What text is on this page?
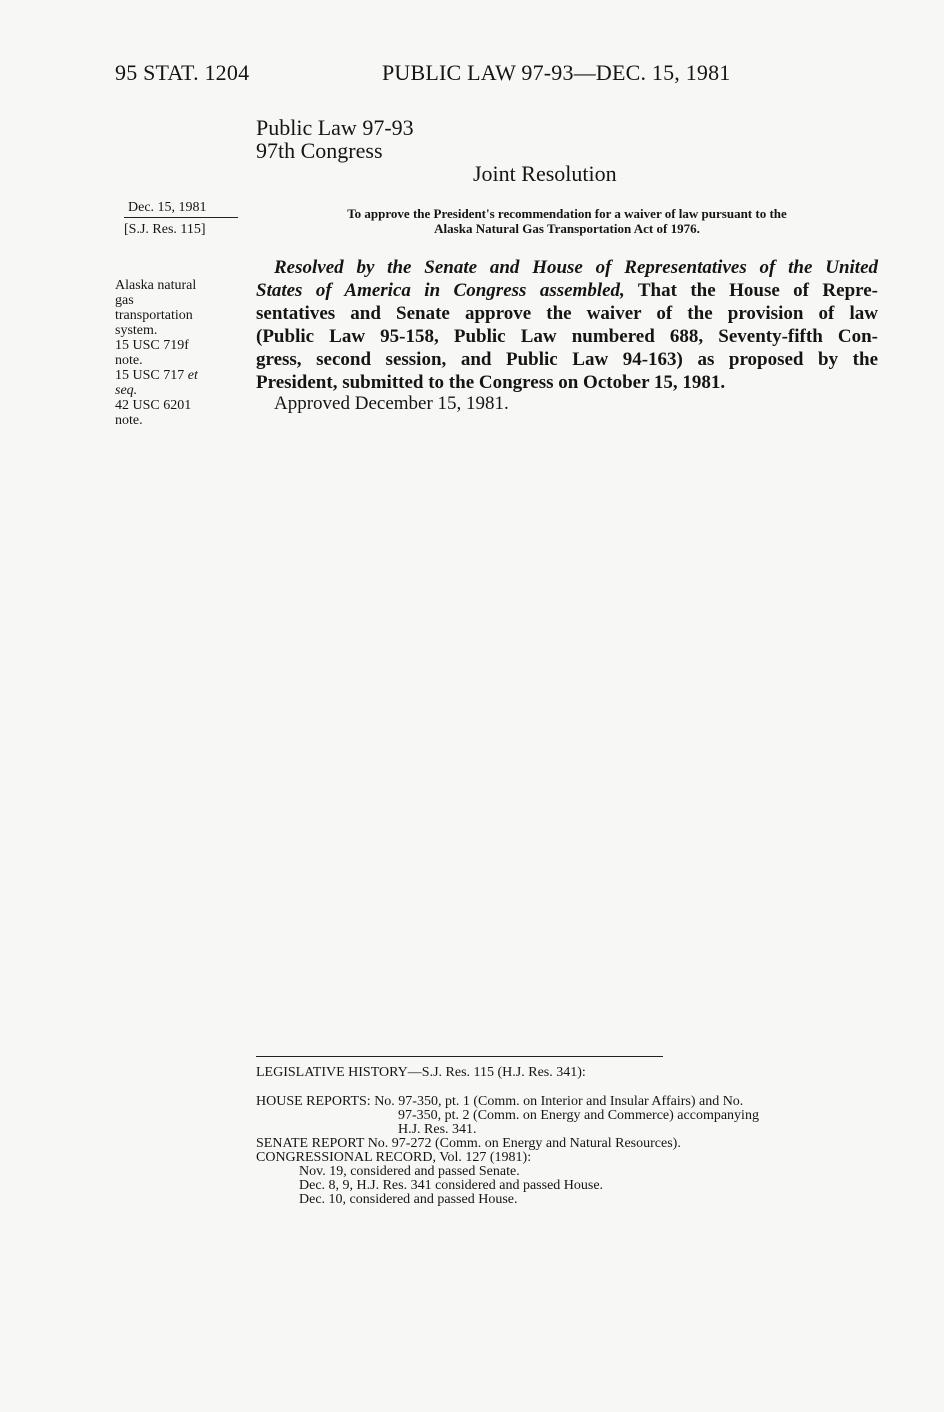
95 STAT. 1204	PUBLIC LAW 97-93—DEC. 15, 1981
Public Law 97-93
97th Congress
Joint Resolution
Dec. 15, 1981
[S.J. Res. 115]
Alaska natural
gas
transportation
system.
15 USC 719f
note.
15 USC 717 et
seq.
42 USC 6201
note.
To approve the President's recommendation for a waiver of law pursuant to the
Alaska Natural Gas Transportation Act of 1976.
Resolved by the Senate and House of Representatives of the United
States of America in Congress assembled, That the House of Repre-
sentatives and Senate approve the waiver of the provision of law
(Public Law 95-158, Public Law numbered 688, Seventy-fifth Con-
gress, second session, and Public Law 94-163) as proposed by the
President, submitted to the Congress on October 15, 1981.
Approved December 15, 1981.
LEGISLATIVE HISTORY—S.J. Res. 115 (H.J. Res. 341):
HOUSE REPORTS: No. 97-350, pt. 1 (Comm. on Interior and Insular Affairs) and No.
97-350, pt. 2 (Comm. on Energy and Commerce) accompanying
H.J. Res. 341.
SENATE REPORT No. 97-272 (Comm. on Energy and Natural Resources).
CONGRESSIONAL RECORD, Vol. 127 (1981):
Nov. 19, considered and passed Senate.
Dec. 8, 9, H.J. Res. 341 considered and passed House.
Dec. 10, considered and passed House.
